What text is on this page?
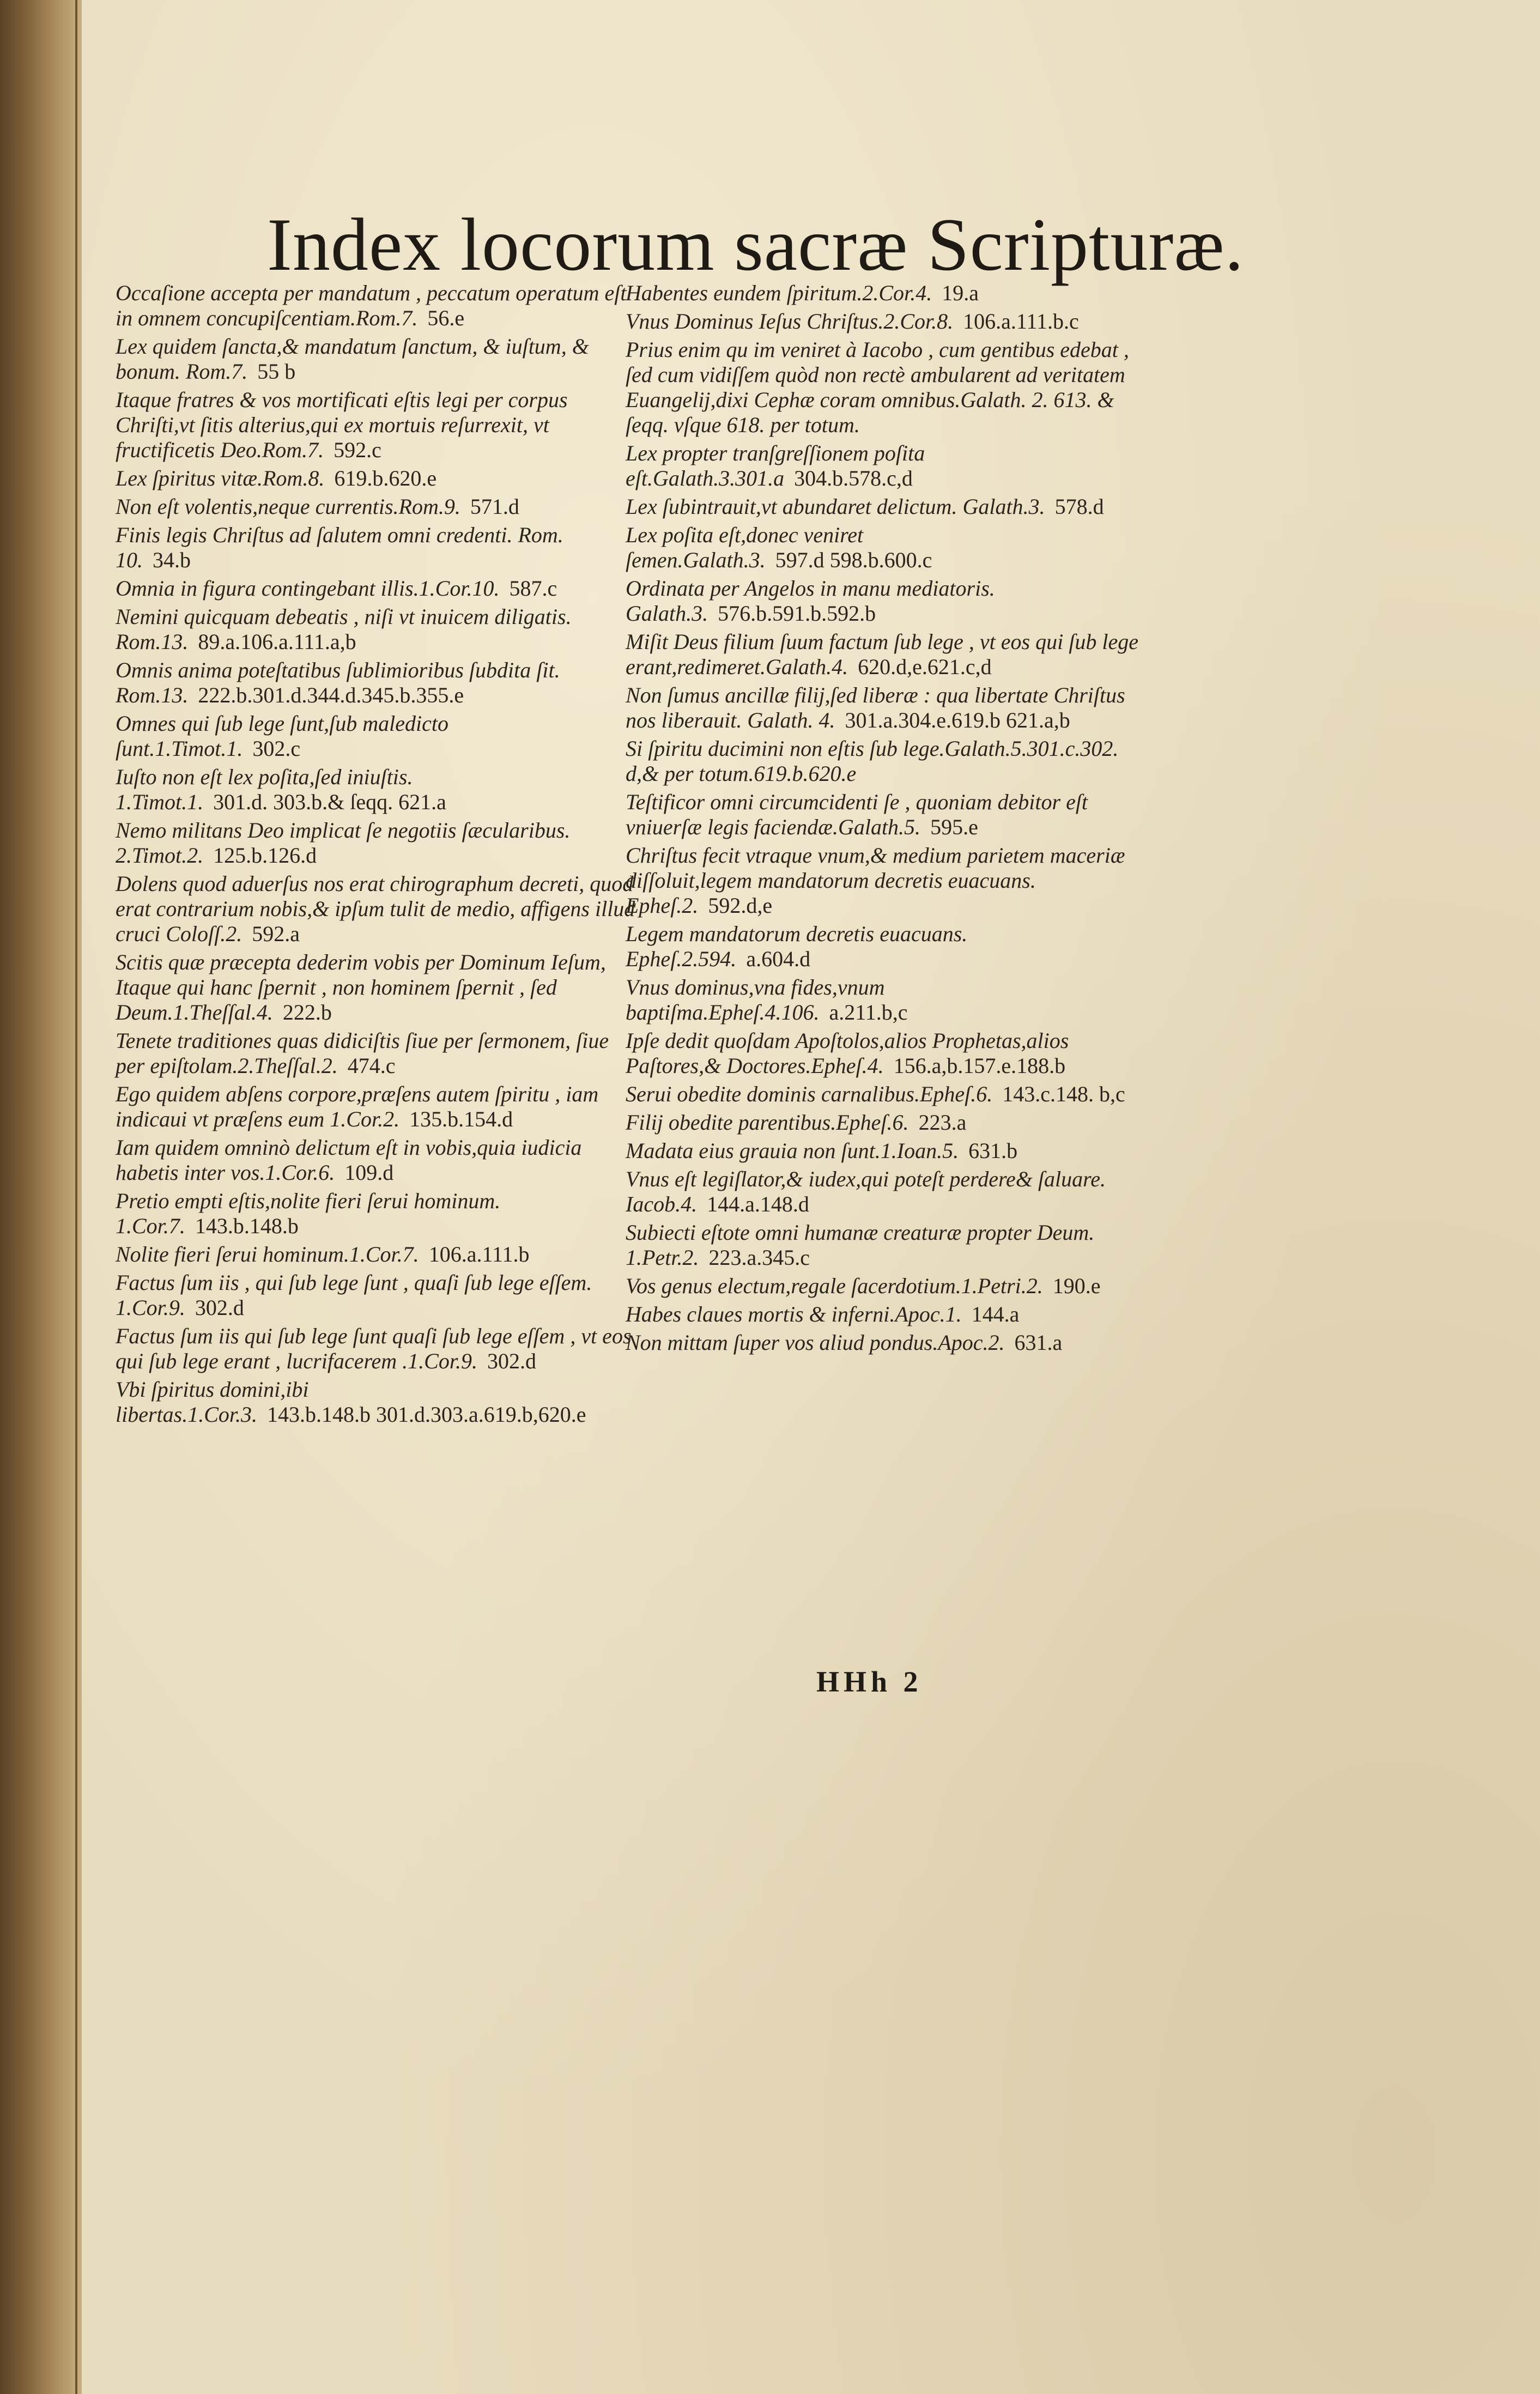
Index locorum sacræ Scripturæ.
Occaſione accepta per mandatum , peccatum operatum eſt in omnem concupiſcentiam.Rom.7. 56.e
Lex quidem ſancta,& mandatum ſanctum, & iuſtum, & bonum. Rom.7. 55 b
Itaque fratres & vos mortificati eſtis legi per corpus Chriſti,vt ſitis alterius,qui ex mortuis reſurrexit, vt fructificetis Deo.Rom.7. 592.c
Lex ſpiritus vitæ.Rom.8. 619.b.620.e
Non eſt volentis,neque currentis.Rom.9. 571.d
Finis legis Chriſtus ad ſalutem omni credenti. Rom. 10. 34.b
Omnia in figura contingebant illis.1.Cor.10. 587.c
Nemini quicquam debeatis , niſi vt inuicem diligatis. Rom.13. 89.a.106.a.111.a,b
Omnis anima poteſtatibus ſublimioribus ſubdita ſit. Rom.13. 222.b.301.d.344.d.345.b.355.e
Omnes qui ſub lege ſunt,ſub maledicto ſunt.1.Timot.1. 302.c
Iuſto non eſt lex poſita,ſed iniuſtis. 1.Timot.1. 301.d. 303.b.& ſeqq. 621.a
Nemo militans Deo implicat ſe negotiis ſæcularibus. 2.Timot.2. 125.b.126.d
Dolens quod aduerſus nos erat chirographum decreti, quod erat contrarium nobis,& ipſum tulit de medio, affigens illud cruci Coloſſ.2. 592.a
Scitis quæ præcepta dederim vobis per Dominum Ieſum, Itaque qui hanc ſpernit , non hominem ſpernit , ſed Deum.1.Theſſal.4. 222.b
Tenete traditiones quas didiciſtis ſiue per ſermonem, ſiue per epiſtolam.2.Theſſal.2. 474.c
Ego quidem abſens corpore,præſens autem ſpiritu , iam indicaui vt præſens eum 1.Cor.2. 135.b.154.d
Iam quidem omninò delictum eſt in vobis,quia iudicia habetis inter vos.1.Cor.6. 109.d
Pretio empti eſtis,nolite fieri ſerui hominum. 1.Cor.7. 143.b.148.b
Nolite fieri ſerui hominum.1.Cor.7. 106.a.111.b
Factus ſum iis , qui ſub lege ſunt , quaſi ſub lege eſſem. 1.Cor.9. 302.d
Factus ſum iis qui ſub lege ſunt quaſi ſub lege eſſem , vt eos qui ſub lege erant , lucrifacerem .1.Cor.9. 302.d
Vbi ſpiritus domini,ibi libertas.1.Cor.3. 143.b.148.b 301.d.303.a.619.b,620.e
Habentes eundem ſpiritum.2.Cor.4. 19.a
Vnus Dominus Ieſus Chriſtus.2.Cor.8. 106.a.111.b.c
Prius enim qu im veniret à Iacobo , cum gentibus edebat , ſed cum vidiſſem quòd non rectè ambularent ad veritatem Euangelij,dixi Cephæ coram omnibus.Galath. 2. 613. & ſeqq. vſque 618. per totum.
Lex propter tranſgreſſionem poſita eſt.Galath.3.301.a 304.b.578.c,d
Lex ſubintrauit,vt abundaret delictum. Galath.3. 578.d
Lex poſita eſt,donec veniret ſemen.Galath.3. 597.d 598.b.600.c
Ordinata per Angelos in manu mediatoris. Galath.3. 576.b.591.b.592.b
Miſit Deus filium ſuum factum ſub lege , vt eos qui ſub lege erant,redimeret.Galath.4. 620.d,e.621.c,d
Non ſumus ancillæ filij,ſed liberæ : qua libertate Chriſtus nos liberauit. Galath. 4. 301.a.304.e.619.b 621.a,b
Si ſpiritu ducimini non eſtis ſub lege.Galath.5.301.c.302. d,& per totum.619.b.620.e
Teſtificor omni circumcidenti ſe , quoniam debitor eſt vniuerſæ legis faciendæ.Galath.5. 595.e
Chriſtus fecit vtraque vnum,& medium parietem maceriæ diſſoluit,legem mandatorum decretis euacuans. Epheſ.2. 592.d,e
Legem mandatorum decretis euacuans. Epheſ.2.594. a.604.d
Vnus dominus,vna fides,vnum baptiſma.Epheſ.4.106. a.211.b,c
Ipſe dedit quoſdam Apoſtolos,alios Prophetas,alios Paſtores,& Doctores.Epheſ.4. 156.a,b.157.e.188.b
Serui obedite dominis carnalibus.Epheſ.6. 143.c.148. b,c
Filij obedite parentibus.Epheſ.6. 223.a
Madata eius grauia non ſunt.1.Ioan.5. 631.b
Vnus eſt legiſlator,& iudex,qui poteſt perdere& ſaluare. Iacob.4. 144.a.148.d
Subiecti eſtote omni humanæ creaturæ propter Deum. 1.Petr.2. 223.a.345.c
Vos genus electum,regale ſacerdotium.1.Petri.2. 190.e
Habes claues mortis & inferni.Apoc.1. 144.a
Non mittam ſuper vos aliud pondus.Apoc.2. 631.a
HHh 2
